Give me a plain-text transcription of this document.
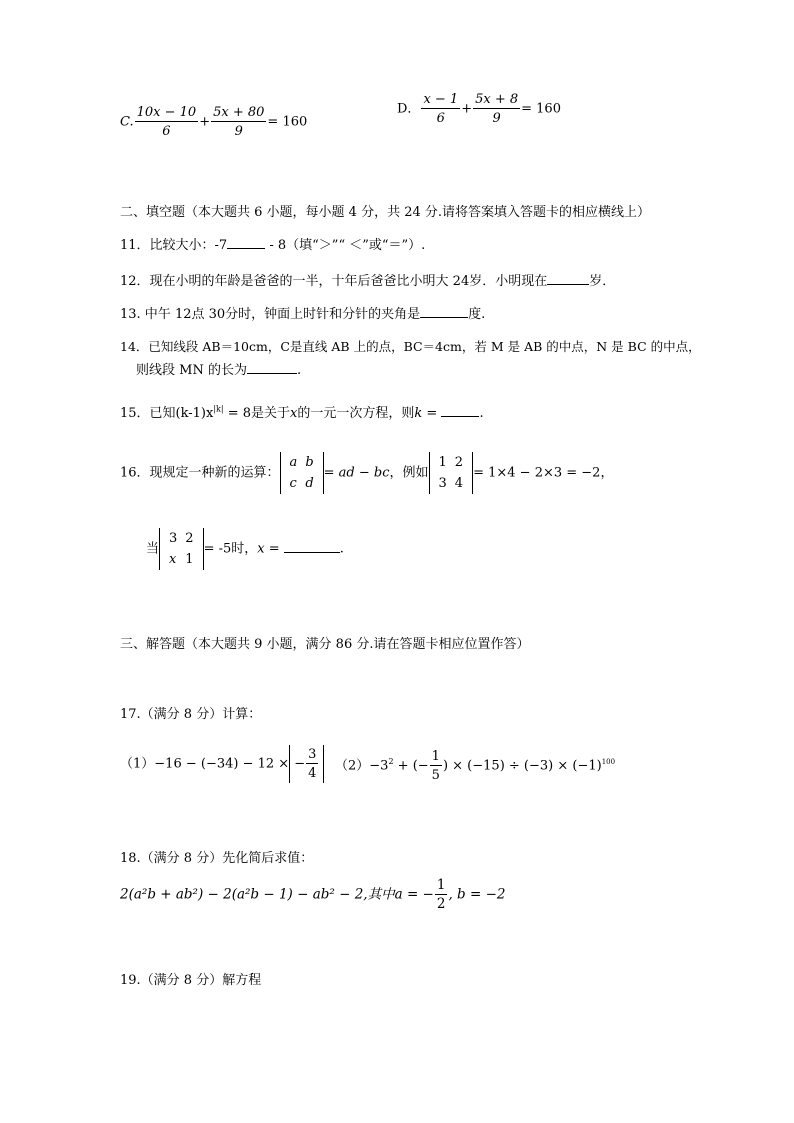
C. $\frac{10x - 10}{6} + \frac{5x + 80}{9} = 160$
D． $\frac{x - 1}{6} + \frac{5x + 8}{9} = 160$
二、填空题（本大题共 6 小题，每小题 4 分，共 24 分.请将答案填入答题卡的相应横线上）
11．比较大小：-7	- 8（填“＞”“ ＜”或“＝”）.
12．现在小明的年龄是爸爸的一半，十年后爸爸比小明大 24岁．小明现在	岁．
13. 中午 12点 30分时，钟面上时针和分针的夹角是	度.
14．已知线段 AB＝10cm，C是直线 AB 上的点，BC＝4cm，若 M 是 AB 的中点，N 是 BC 的中点，
则线段 MN 的长为	.
15．已知$(k-1)x^{|k|} = 8$是关于x的一元一次方程，则k =	.
16．现规定一种新的运算：
a	b
c	d
= ad − bc，例如
1	2
3	4
= 1×4 − 2×3 = −2，
当
3	2
x	1
= -5时，x =	.
三、解答题（本大题共 9 小题，满分 86 分.请在答题卡相应位置作答）
17.（满分 8 分）计算：
（1）−16 − (−34) − 12 × − $\frac{3}{4} (2)-3^2$ + (− $\frac{1}{5}$ ) × $(-15) \div (-3) \times (-1)^{100}$
18.（满分 8 分）先化简后求值：
2(a²b + ab²) − 2(a²b − 1) − ab² − 2,其中a = − $\frac{1}{2}$ , b = −2
19.（满分 8 分）解方程
